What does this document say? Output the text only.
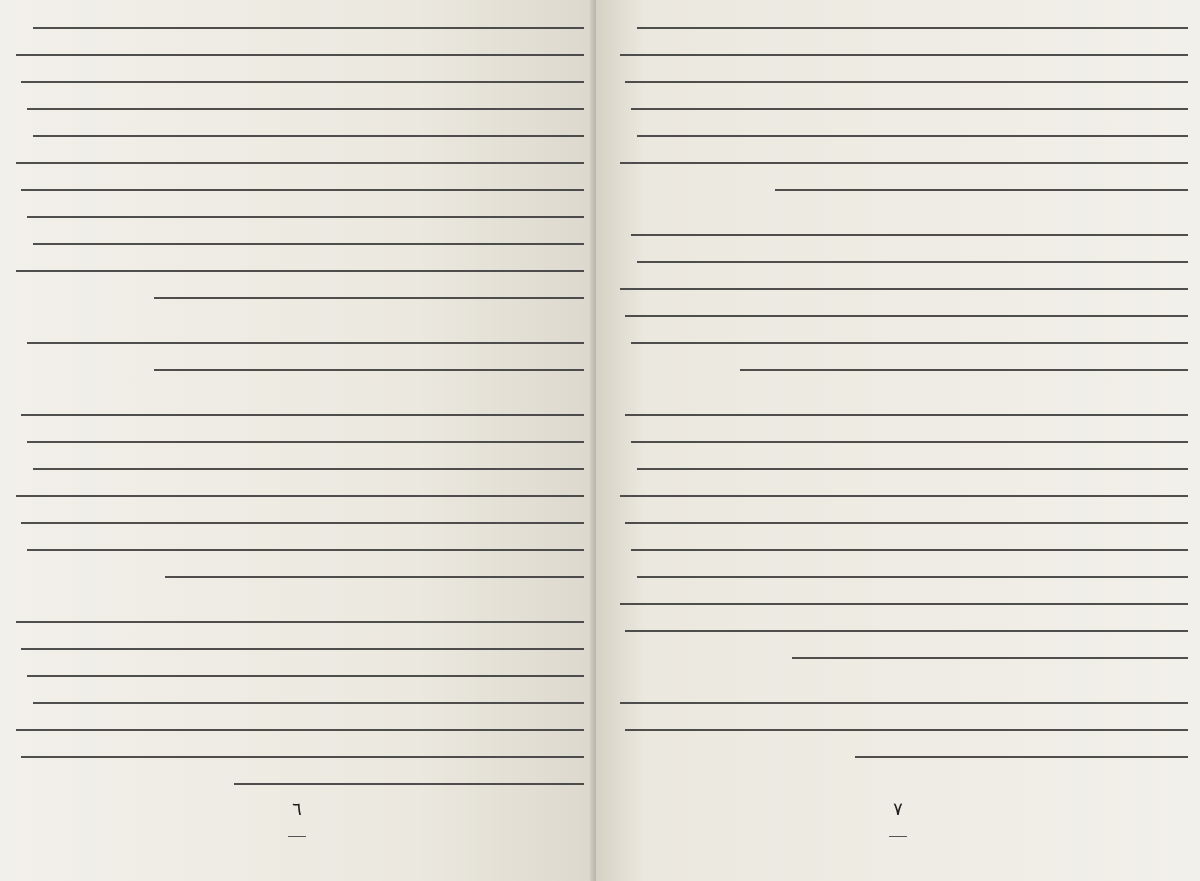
٦	٧
